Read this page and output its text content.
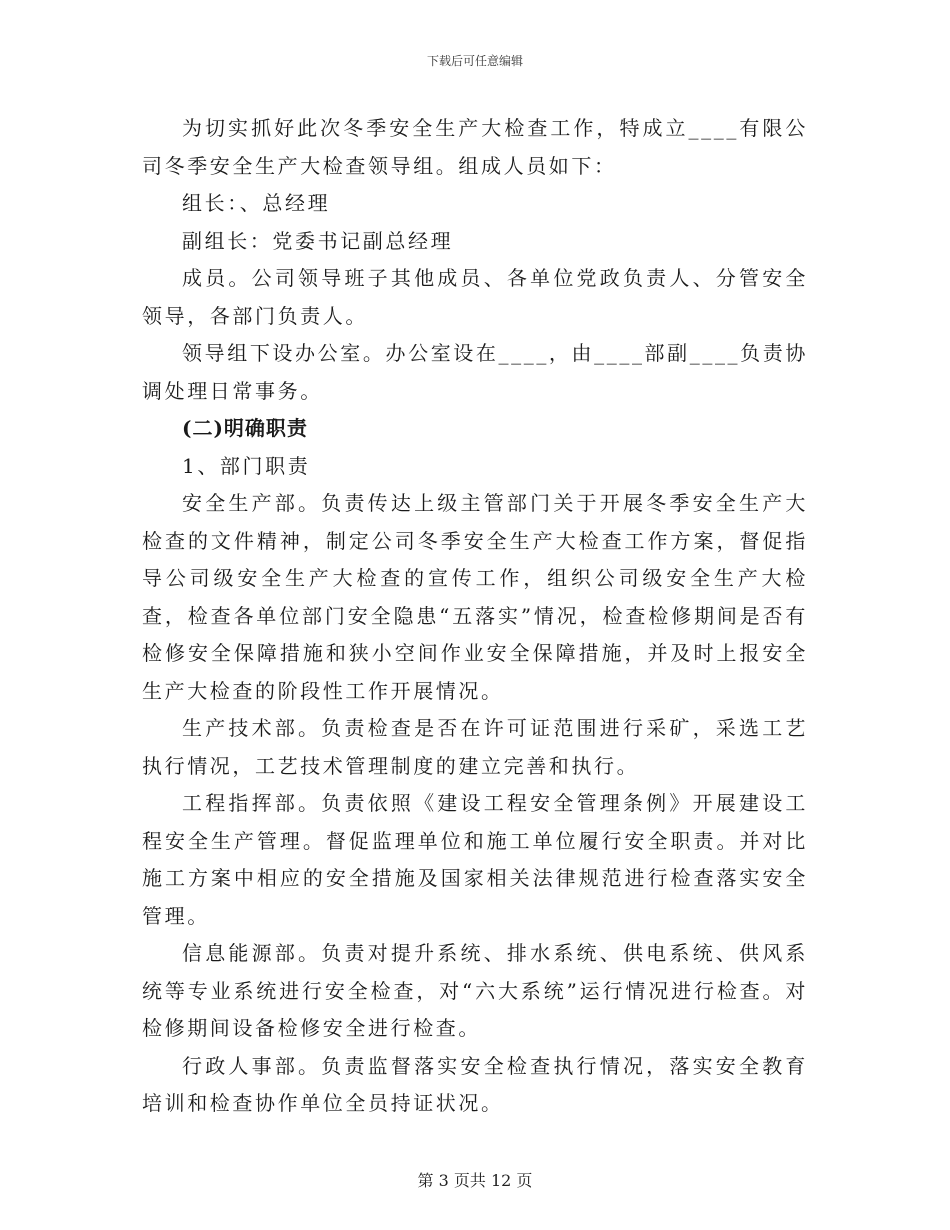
下载后可任意编辑

为切实抓好此次冬季安全生产大检查工作，特成立____有限公司冬季安全生产大检查领导组。组成人员如下：

组长：、总经理

副组长：党委书记副总经理

成员。公司领导班子其他成员、各单位党政负责人、分管安全领导，各部门负责人。

领导组下设办公室。办公室设在____，由____部副____负责协调处理日常事务。

(二)明确职责

1、部门职责

安全生产部。负责传达上级主管部门关于开展冬季安全生产大检查的文件精神，制定公司冬季安全生产大检查工作方案，督促指导公司级安全生产大检查的宣传工作，组织公司级安全生产大检查，检查各单位部门安全隐患“五落实”情况，检查检修期间是否有检修安全保障措施和狭小空间作业安全保障措施，并及时上报安全生产大检查的阶段性工作开展情况。

生产技术部。负责检查是否在许可证范围进行采矿，采选工艺执行情况，工艺技术管理制度的建立完善和执行。

工程指挥部。负责依照《建设工程安全管理条例》开展建设工程安全生产管理。督促监理单位和施工单位履行安全职责。并对比施工方案中相应的安全措施及国家相关法律规范进行检查落实安全管理。

信息能源部。负责对提升系统、排水系统、供电系统、供风系统等专业系统进行安全检查，对“六大系统”运行情况进行检查。对检修期间设备检修安全进行检查。

行政人事部。负责监督落实安全检查执行情况，落实安全教育培训和检查协作单位全员持证状况。

第 3 页共 12 页
